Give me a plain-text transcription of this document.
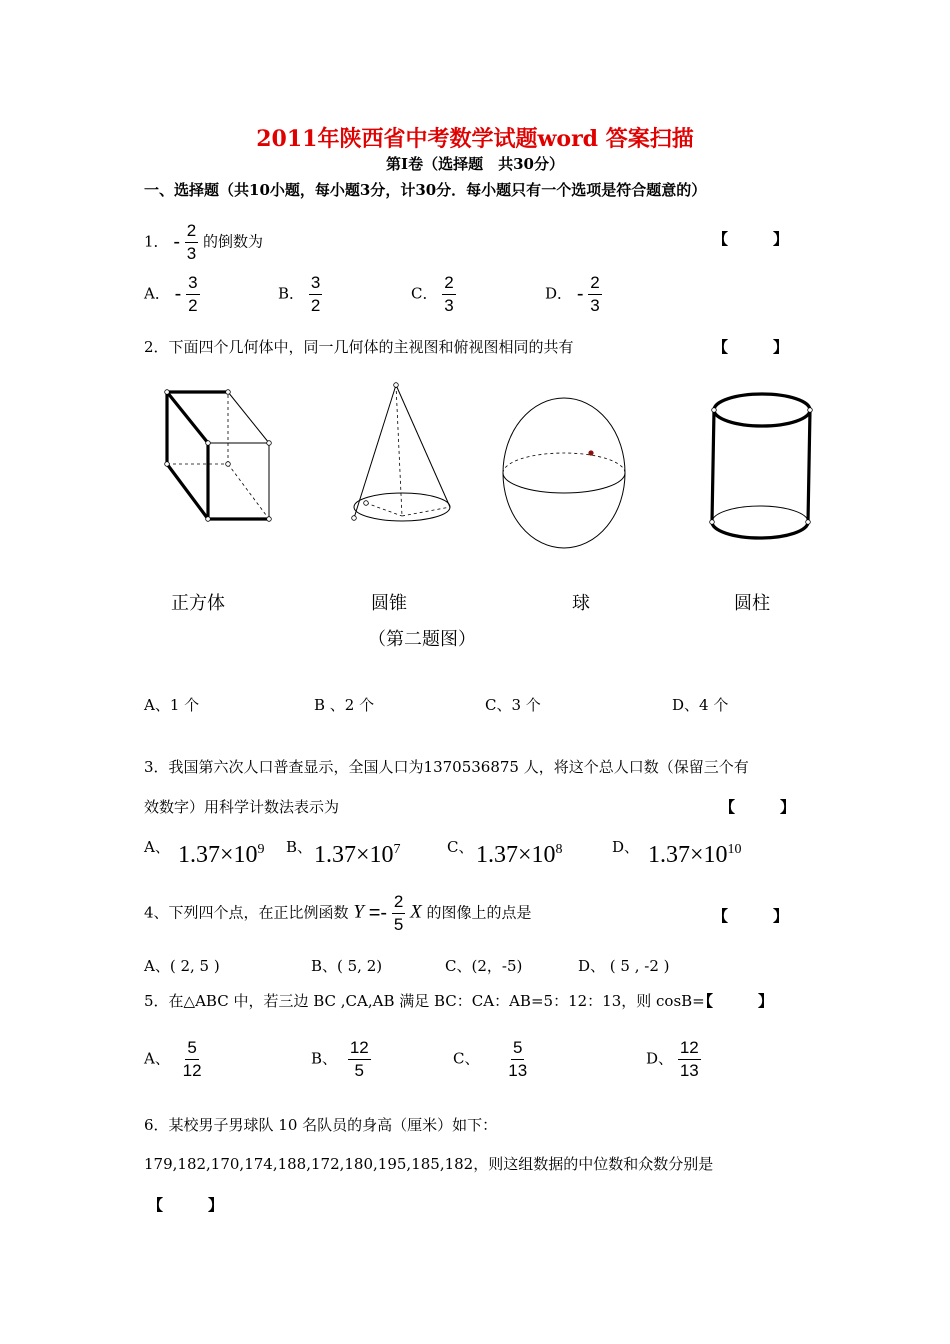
2011年陕西省中考数学试题word 答案扫描
第Ⅰ卷（选择题　共30分）
一、选择题（共10小题，每小题3分，计30分．每小题只有一个选项是符合题意的）
1． - $\frac{2}{3}$ 的倒数为	【　　　】
A． - $\frac{3}{2}$	B． $\frac{3}{2}$	C． $\frac{2}{3}$	D． - $\frac{2}{3}$
2．下面四个几何体中，同一几何体的主视图和俯视图相同的共有	【　　　】
正方体	圆锥	球	圆柱
（第二题图）
A、1 个	B 、2 个	C、3 个	D、4 个
3．我国第六次人口普查显示，全国人口为1370536875 人，将这个总人口数（保留三个有
效数字）用科学计数法表示为	【　　　】
A、 $1.37\times 10^9$ B、 $1.37\times 10^7$	C、 $1.37\times 10^8$	D、 $1.37\times 10^{10}$
4、下列四个点，在正比例函数 $Y =- \frac{2}{5}$ X 的图像上的点是	【　　　】
A、( 2, 5 )	B、( 5, 2)	C、(2，-5)	D、 ( 5 , -2 )
5．在△ABC 中，若三边 BC ,CA,AB 满足 BC：CA：AB=5：12：13，则 cosB=
【　　　】
A、 $\frac{5}{12}$	B、 $\frac{12}{5}$	C、 $\frac{5}{13}$	D、 $\frac{12}{13}$
6．某校男子男球队 10 名队员的身高（厘米）如下：
179,182,170,174,188,172,180,195,185,182，则这组数据的中位数和众数分别是
【　　　】
